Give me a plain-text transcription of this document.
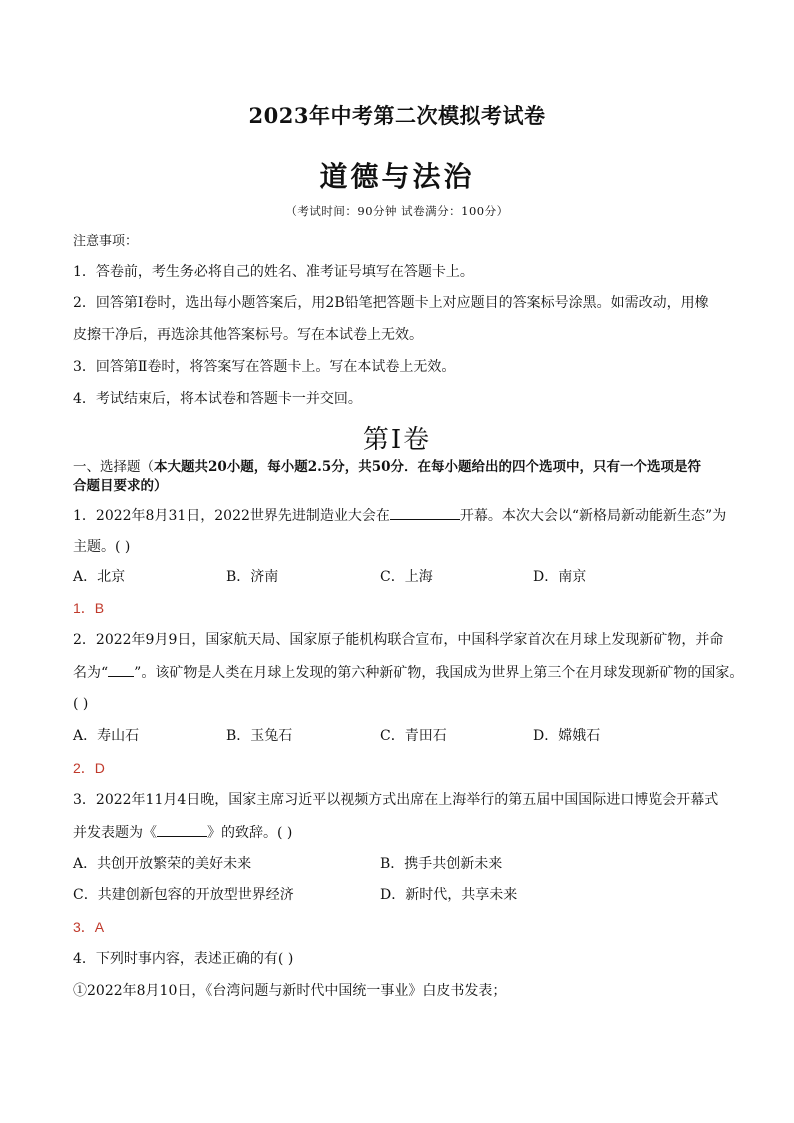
2023年中考第二次模拟考试卷
道德与法治
（考试时间：90分钟 试卷满分：100分）
注意事项：
1．答卷前，考生务必将自己的姓名、准考证号填写在答题卡上。
2．回答第Ⅰ卷时，选出每小题答案后，用2B铅笔把答题卡上对应题目的答案标号涂黑。如需改动，用橡
皮擦干净后，再选涂其他答案标号。写在本试卷上无效。
3．回答第Ⅱ卷时，将答案写在答题卡上。写在本试卷上无效。
4．考试结束后，将本试卷和答题卡一并交回。
第Ⅰ卷
一、选择题（本大题共20小题，每小题2.5分，共50分．在每小题给出的四个选项中，只有一个选项是符
合题目要求的）
1．2022年8月31日，2022世界先进制造业大会在	开幕。本次大会以“新格局新动能新生态”为
主题。( )
A．北京	B．济南	C．上海	D．南京
1．B
2．2022年9月9日，国家航天局、国家原子能机构联合宣布，中国科学家首次在月球上发现新矿物，并命
名为“ ”。该矿物是人类在月球上发现的第六种新矿物，我国成为世界上第三个在月球发现新矿物的国家。
( )
A．寿山石	B．玉兔石	C．青田石	D．嫦娥石
2．D
3．2022年11月4日晚，国家主席习近平以视频方式出席在上海举行的第五届中国国际进口博览会开幕式
并发表题为《	》的致辞。( )
A．共创开放繁荣的美好未来	B．携手共创新未来
C．共建创新包容的开放型世界经济	D．新时代，共享未来
3．A
4．下列时事内容，表述正确的有( )
①2022年8月10日，《台湾问题与新时代中国统一事业》白皮书发表；
